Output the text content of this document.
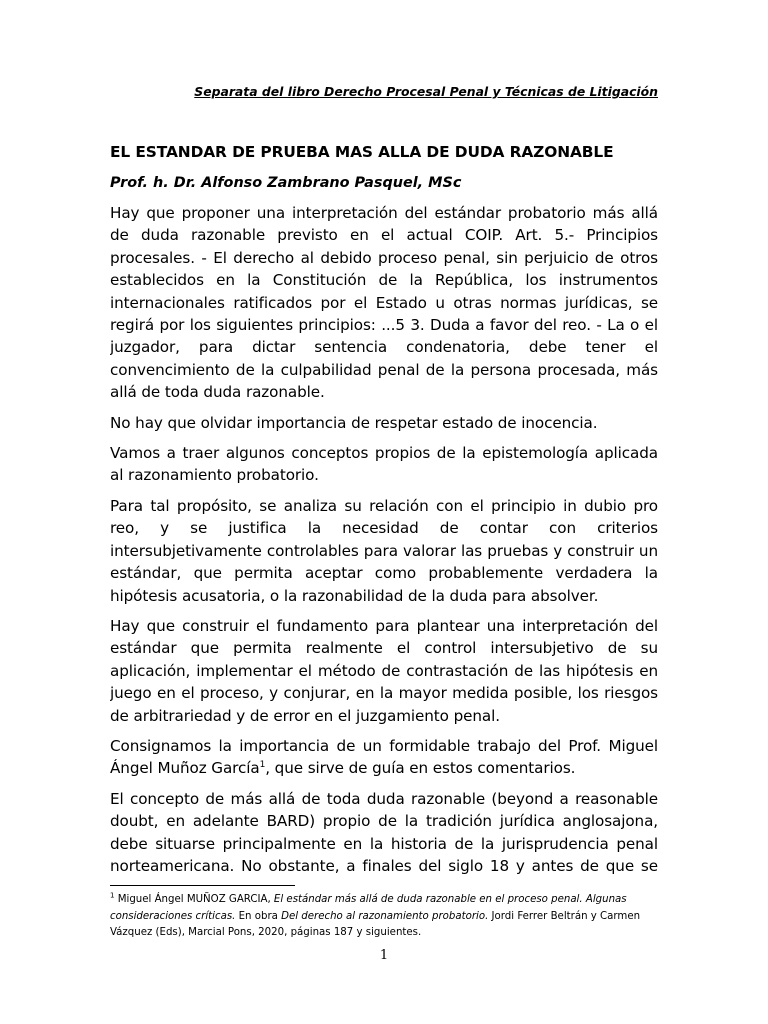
Separata del libro Derecho Procesal Penal y Técnicas de Litigación
EL ESTANDAR DE PRUEBA MAS ALLA DE DUDA RAZONABLE
Prof. h. Dr. Alfonso Zambrano Pasquel, MSc

Hay que proponer una interpretación del estándar probatorio más allá de duda razonable previsto en el actual COIP. Art. 5.- Principios procesales. - El derecho al debido proceso penal, sin perjuicio de otros establecidos en la Constitución de la República, los instrumentos internacionales ratificados por el Estado u otras normas jurídicas, se regirá por los siguientes principios: ...5 3. Duda a favor del reo. - La o el juzgador, para dictar sentencia condenatoria, debe tener el convencimiento de la culpabilidad penal de la persona procesada, más allá de toda duda razonable.

No hay que olvidar importancia de respetar estado de inocencia.

Vamos a traer algunos conceptos propios de la epistemología aplicada al razonamiento probatorio.

Para tal propósito, se analiza su relación con el principio in dubio pro reo, y se justifica la necesidad de contar con criterios intersubjetivamente controlables para valorar las pruebas y construir un estándar, que permita aceptar como probablemente verdadera la hipótesis acusatoria, o la razonabilidad de la duda para absolver.

Hay que construir el fundamento para plantear una interpretación del estándar que permita realmente el control intersubjetivo de su aplicación, implementar el método de contrastación de las hipótesis en juego en el proceso, y conjurar, en la mayor medida posible, los riesgos de arbitrariedad y de error en el juzgamiento penal.

Consignamos la importancia de un formidable trabajo del Prof. Miguel Ángel Muñoz García$^1$, que sirve de guía en estos comentarios.

El concepto de más allá de toda duda razonable (beyond a reasonable doubt, en adelante BARD) propio de la tradición jurídica anglosajona, debe situarse principalmente en la historia de la jurisprudencia penal norteamericana. No obstante, a finales del siglo 18 y antes de que se

$^1$ Miguel Ángel MUÑOZ GARCIA, El estándar más allá de duda razonable en el proceso penal. Algunas consideraciones críticas. En obra Del derecho al razonamiento probatorio. Jordi Ferrer Beltrán y Carmen Vázquez (Eds), Marcial Pons, 2020, páginas 187 y siguientes.
1
